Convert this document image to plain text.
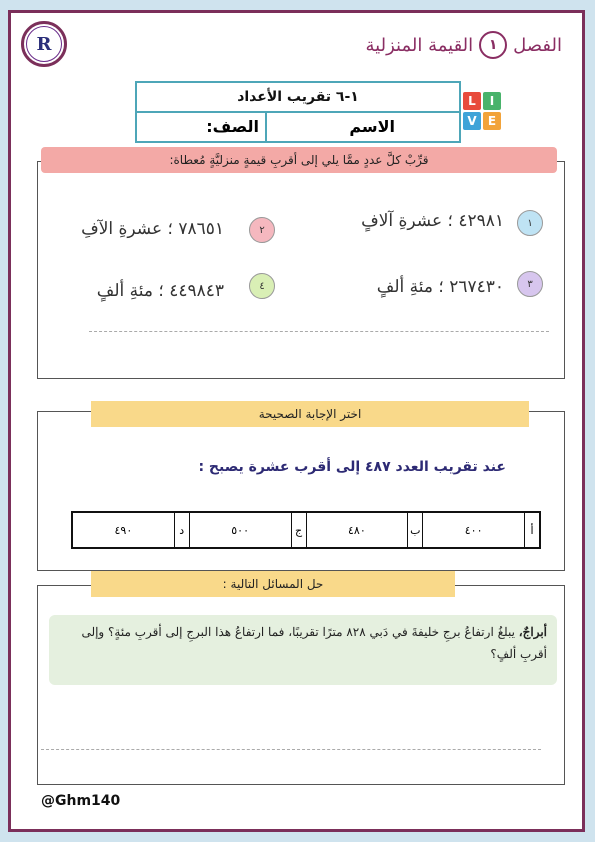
R	الفصل
١
القيمة المنزلية
١-٦ تقريب الأعداد
الاسم
الصف:
L	I
V E
قرِّبْ كلَّ عددٍ ممَّا يلي إلى أقربِ قيمةٍ منزليَّةٍ مُعطاة:
٤٢٩٨١ ؛ عشرةِ آلافٍ	١
٧٨٦٥١ ؛ عشرةِ الآفِ	٢
٢٦٧٤٣٠ ؛ مئةِ ألفٍ	٣
٤٤٩٨٤٣ ؛ مئةِ ألفٍ	٤
اختر الإجابة الصحيحة
عند تقريب العدد ٤٨٧ إلى أقرب عشرة يصبح :
أ
٤٠٠
ب
٤٨٠
ج
٥٠٠
د
٤٩٠
حل المسائل التالية :
أبراجٌ، يبلغُ ارتفاعُ برجِ خليفةَ في دَبي ٨٢٨ مترًا تقريبًا، فما ارتفاعُ هذا البرجِ إلى أقربِ مئةٍ؟ وإلى أقربِ ألفٍ؟
@Ghm140
